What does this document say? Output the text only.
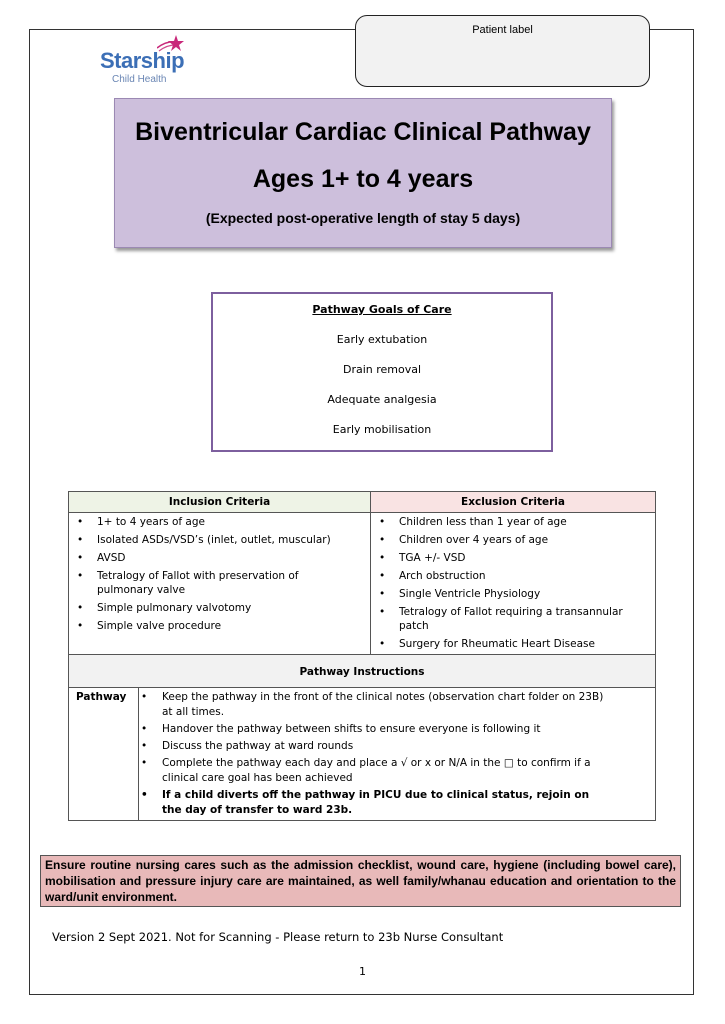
Patient label
Starship
Child Health
Biventricular Cardiac Clinical Pathway
Ages 1+ to 4 years
(Expected post-operative length of stay 5 days)
Pathway Goals of Care
Early extubation
Drain removal
Adequate analgesia
Early mobilisation
Inclusion Criteria	Exclusion Criteria
• 1+ to 4 years of age
• Isolated ASDs/VSD’s (inlet, outlet, muscular)
• AVSD
• Tetralogy of Fallot with preservation of pulmonary valve
• Simple pulmonary valvotomy
• Simple valve procedure
• Children less than 1 year of age
• Children over 4 years of age
• TGA +/- VSD
• Arch obstruction
• Single Ventricle Physiology
• Tetralogy of Fallot requiring a transannular patch
• Surgery for Rheumatic Heart Disease
Pathway Instructions
Pathway
•	Keep the pathway in the front of the clinical notes (observation chart folder on 23B) at all times.
• Handover the pathway between shifts to ensure everyone is following it
• Discuss the pathway at ward rounds
• Complete the pathway each day and place a √ or x or N/A in the □ to confirm if a clinical care goal has been achieved
• If a child diverts off the pathway in PICU due to clinical status, rejoin on the day of transfer to ward 23b.
Ensure routine nursing cares such as the admission checklist, wound care, hygiene (including bowel care), mobilisation and pressure injury care are maintained, as well family/whanau education and orientation to the ward/unit environment.
Version 2 Sept 2021. Not for Scanning - Please return to 23b Nurse Consultant
1
